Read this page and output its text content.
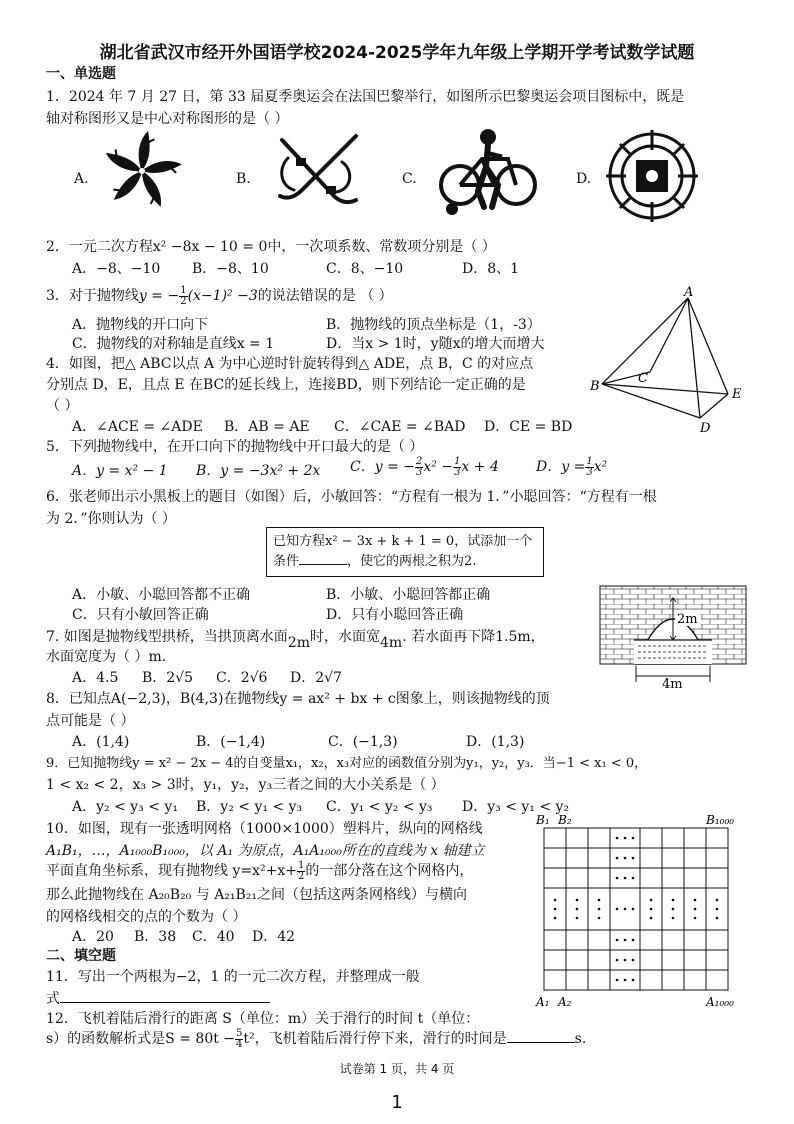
湖北省武汉市经开外国语学校2024-2025学年九年级上学期开学考试数学试题
一、单选题
1．2024 年 7 月 27 日，第 33 届夏季奥运会在法国巴黎举行，如图所示巴黎奥运会项目图标中，既是
轴对称图形又是中心对称图形的是（ ）
A.	B.	C.	D.
2．一元二次方程x² −8x − 10 = 0中，一次项系数、常数项分别是（ ）
A．−8、−10 B．−8、10	C．8、−10	D．8、1
3．对于抛物线y = − $\frac{1}{2} (x-1)^2 -3$的说法错误的是 （ ）
A．抛物线的开口向下	B．抛物线的顶点坐标是（1，-3）
C．抛物线的对称轴是直线x = 1	D．当x > 1时，y随x的增大而增大
A
B
C
D
E
4．如图，把△ ABC以点 A 为中心逆时针旋转得到△ ADE，点 B，C 的对应点
分别点 D，E，且点 E 在BC的延长线上，连接BD，则下列结论一定正确的是
（ ）
A．∠ACE = ∠ADE B．AB = AE C．∠CAE = ∠BAD D．CE = BD
5．下列抛物线中，在开口向下的抛物线中开口最大的是（ ）
A．y = x² − 1 B．y = −3x² + 2x C．y = − $\frac{2}{3} x^2 - \frac{1}{3}$ x + 4	D．$y = \frac{1}{3} x^2$
6．张老师出示小黑板上的题目（如图）后，小敏回答：“方程有一根为 1．”小聪回答：“方程有一根
为 2．”你则认为（ ）
已知方程x² − 3x + k + 1 = 0，试添加一个
条件	，使它的两根之积为2.
A．小敏、小聪回答都不正确	B．小敏、小聪回答都正确
C．只有小敏回答正确	D．只有小聪回答正确	2m
4m
7. 如图是抛物线型拱桥，当拱顶离水面2m时，水面宽4m. 若水面再下降1.5m，
水面宽度为（ ）m.
A．4.5 B．2√5 C．2√6 D．2√7
8．已知点A(−2,3)，B(4,3)在抛物线y = ax² + bx + c图象上，则该抛物线的顶
点可能是（ ）
A．(1,4)	B．(−1,4)	C．(−1,3)	D．(1,3)
9．已知抛物线y = x² − 2x − 4的自变量x₁，x₂，x₃对应的函数值分别为y₁，y₂，y₃．当−1 < x₁ < 0，
1 < x₂ < 2，x₃ > 3时，y₁，y₂，y₃三者之间的大小关系是（ ）
A．y₂ < y₃ < y₁ B．y₂ < y₁ < y₃ C．y₁ < y₂ < y₃ D．y₃ < y₁ < y₂
B₁ B₂	B₁₀₀₀
A₁ A₂	A₁₀₀₀
10．如图，现有一张透明网格（1000×1000）塑料片，纵向的网格线
A₁B₁，…，A₁₀₀₀B₁₀₀₀，以 A₁ 为原点，A₁A₁₀₀₀所在的直线为 x 轴建立
平面直角坐标系，现有抛物线 $y=x^2+x+ \frac{1}{2}$ 的一部分落在这个网格内，
那么此抛物线在 A₂₀B₂₀ 与 A₂₁B₂₁之间（包括这两条网格线）与横向
的网格线相交的点的个数为（ ）
A．20 B．38 C．40 D．42
二、填空题
11．写出一个两根为−2，1 的一元二次方程，并整理成一般
式
12．飞机着陆后滑行的距离 S（单位：m）关于滑行的时间 t（单位：
s）的函数解析式是$S = 80t - \frac{5}{4} t^2$，飞机着陆后滑行停下来，滑行的时间是	s.
试卷第 1 页，共 4 页
1
